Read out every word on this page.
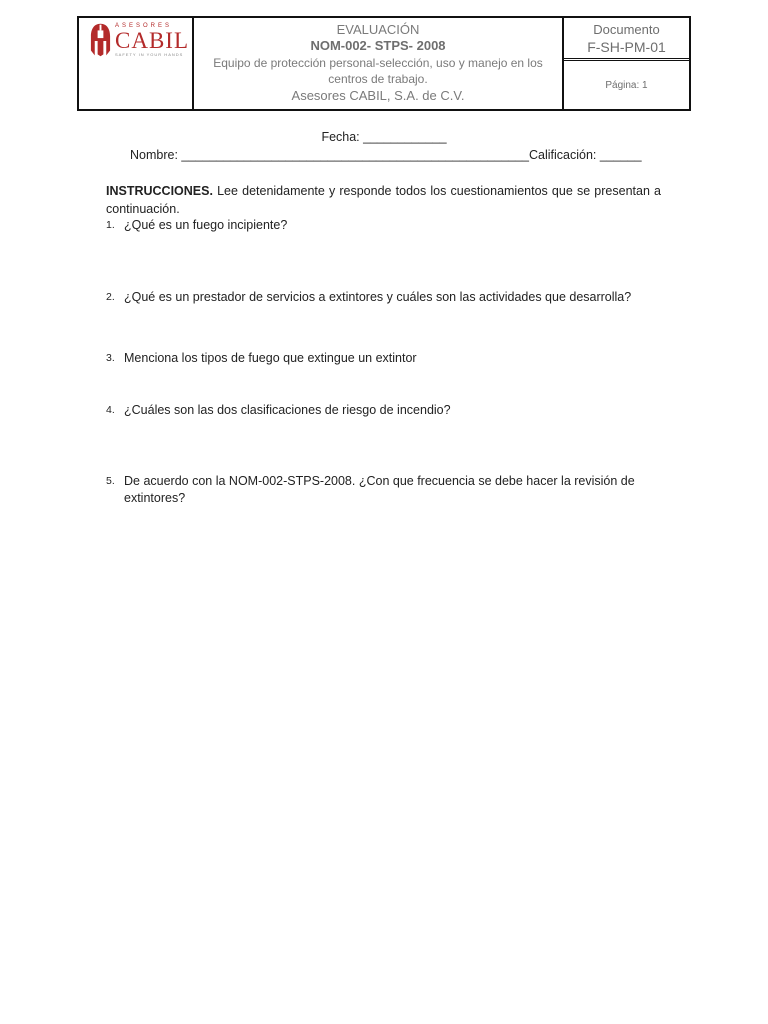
ASESORES
CABIL
SAFETY IN YOUR HANDS
EVALUACIÓN
NOM-002- STPS- 2008
Equipo de protección personal-selección, uso y manejo en los centros de trabajo.
Asesores CABIL, S.A. de C.V.
Documento
F-SH-PM-01
Página: 1
Fecha: ____________
Nombre: __________________________________________________Calificación: ______
INSTRUCCIONES. Lee detenidamente y responde todos los cuestionamientos que se presentan a continuación.
1. ¿Qué es un fuego incipiente?
2. ¿Qué es un prestador de servicios a extintores y cuáles son las actividades que desarrolla?
3. Menciona los tipos de fuego que extingue un extintor
4. ¿Cuáles son las dos clasificaciones de riesgo de incendio?
5. De acuerdo con la NOM-002-STPS-2008. ¿Con que frecuencia se debe hacer la revisión de extintores?
